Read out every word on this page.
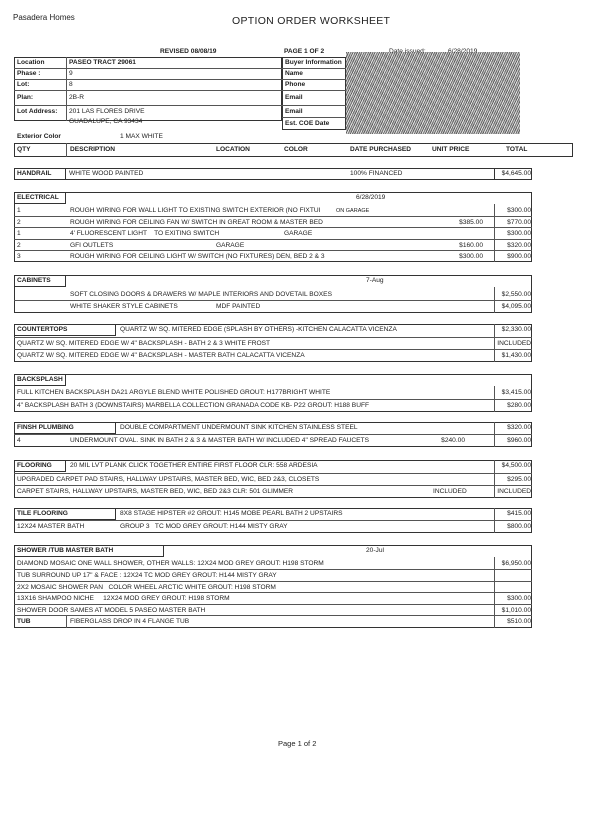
Pasadera Homes	OPTION ORDER WORKSHEET
REVISED 08/08/19	PAGE 1 OF 2
Location	PASEO TRACT 29061
Phase :	9
Lot:	8
Plan:	2B-R
Lot Address: 201 LAS FLORES DRIVE
GUADALUPE, CA 93434
Buyer Information
Name
Phone
Email
Email
Est. COE Date
Exterior Color	1 MAX WHITE
QTY	DESCRIPTION	LOCATION	COLOR	DATE PURCHASED	UNIT PRICE	TOTAL
HANDRAIL	WHITE WOOD PAINTED	100% FINANCED	$4,645.00
ELECTRICAL	6/28/2019
1	ROUGH WIRING FOR WALL LIGHT TO EXISTING SWITCH EXTERIOR (NO FIXTUI	ON GARAGE	$300.00
2	ROUGH WIRING FOR CEILING FAN W/ SWITCH IN GREAT ROOM & MASTER BED	$385.00	$770.00
1	4' FLUORESCENT LIGHT    TO EXITING SWITCH	GARAGE	$300.00
2	GFI OUTLETS	GARAGE	$160.00	$320.00
3	ROUGH WIRING FOR CEILING LIGHT W/ SWITCH (NO FIXTURES) DEN, BED 2 & 3	$300.00	$900.00
CABINETS	7-Aug
SOFT CLOSING DOORS & DRAWERS W/ MAPLE INTERIORS AND DOVETAIL BOXES	$2,550.00
WHITE SHAKER STYLE CABINETS	MDF PAINTED	$4,095.00
COUNTERTOPS	QUARTZ W/ SQ. MITERED EDGE (SPLASH BY OTHERS) -KITCHEN CALACATTA VICENZA	$2,330.00
QUARTZ W/ SQ. MITERED EDGE W/ 4" BACKSPLASH - BATH 2 & 3 WHITE FROST	INCLUDED
QUARTZ W/ SQ. MITERED EDGE W/ 4" BACKSPLASH - MASTER BATH CALACATTA VICENZA	$1,430.00
BACKSPLASH
FULL KITCHEN BACKSPLASH DA21 ARGYLE BLEND WHITE POLISHED GROUT: H177BRIGHT WHITE	$3,415.00
4" BACKSPLASH BATH 3 (DOWNSTAIRS) MARBELLA COLLECTION GRANADA CODE KB- P22 GROUT: H188 BUFF	$280.00
FINSH PLUMBING	DOUBLE COMPARTMENT UNDERMOUNT SINK KITCHEN STAINLESS STEEL	$320.00
4	UNDERMOUNT OVAL. SINK IN BATH 2 & 3 & MASTER BATH W/ INCLUDED 4" SPREAD FAUCETS	$240.00	$960.00
FLOORING	20 MIL LVT PLANK CLICK TOGETHER ENTIRE FIRST FLOOR CLR: 558 ARDESIA	$4,500.00
UPGRADED CARPET PAD STAIRS, HALLWAY UPSTAIRS, MASTER BED, WIC, BED 2&3, CLOSETS	$295.00
CARPET STAIRS, HALLWAY UPSTAIRS, MASTER BED, WIC, BED 2&3 CLR: 501 GLIMMER	INCLUDED	INCLUDED
TILE FLOORING	8X8 STAGE HIPSTER #2 GROUT: H145 MOBE PEARL BATH 2 UPSTAIRS	$415.00
12X24 MASTER BATH	GROUP 3   TC MOD GREY GROUT: H144 MISTY GRAY	$800.00
SHOWER /TUB MASTER BATH	20-Jul
DIAMOND MOSAIC ONE WALL SHOWER, OTHER WALLS: 12X24 MOD GREY GROUT: H198 STORM	$6,950.00
TUB SURROUND UP 17" & FACE : 12X24 TC MOD GREY GROUT: H144 MISTY GRAY
2X2 MOSAIC SHOWER PAN   COLOR WHEEL ARCTIC WHITE GROUT: H198 STORM
13X16 SHAMPOO NICHE     12X24 MOD GREY GROUT: H198 STORM	$300.00
SHOWER DOOR SAMES AT MODEL 5 PASEO MASTER BATH	$1,010.00
TUB	FIBERGLASS DROP IN 4 FLANGE TUB	$510.00
Page 1 of 2
